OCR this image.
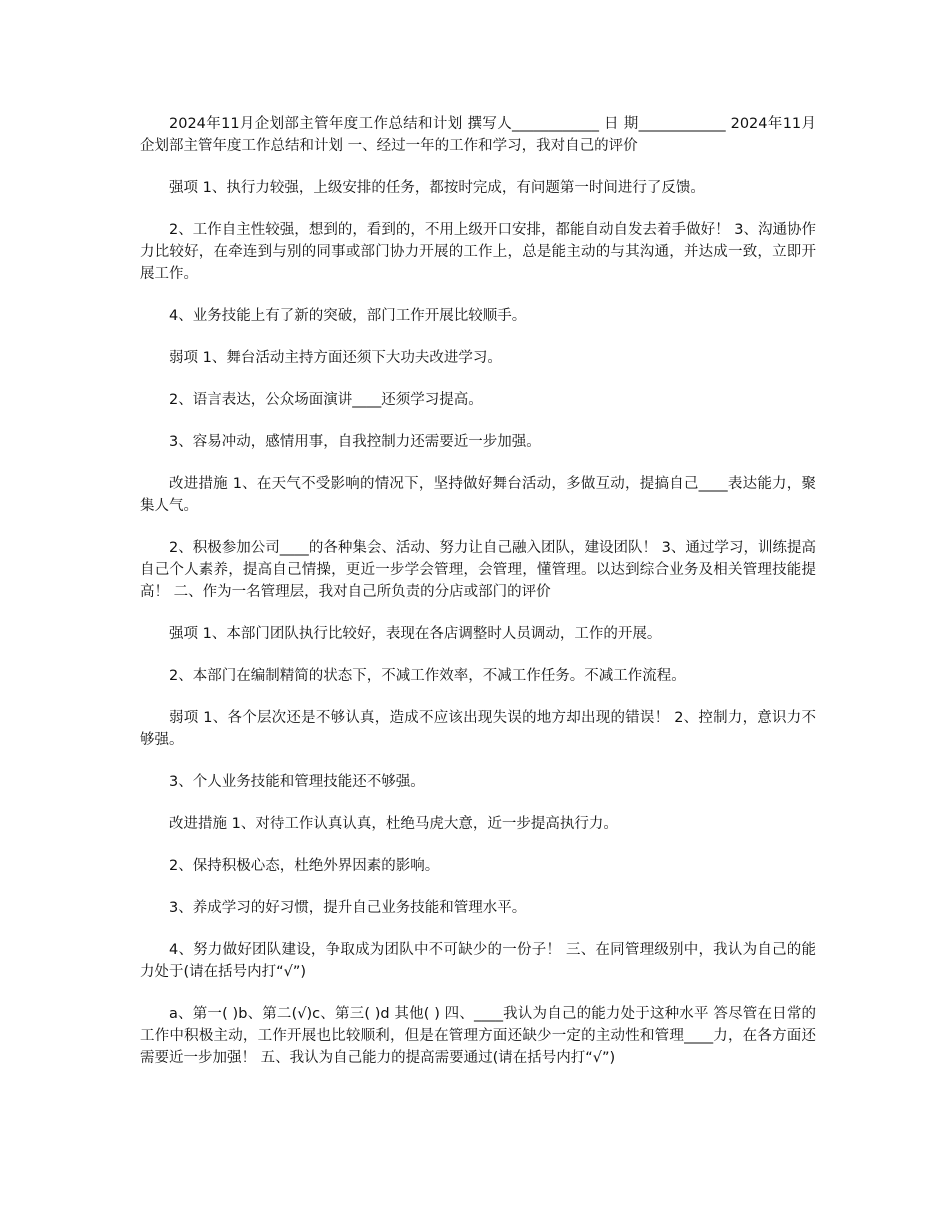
2024年11月企划部主管年度工作总结和计划 撰写人____________ 日 期____________ 2024年11月企划部主管年度工作总结和计划 一、经过一年的工作和学习，我对自己的评价

强项 1、执行力较强，上级安排的任务，都按时完成，有问题第一时间进行了反馈。

2、工作自主性较强，想到的，看到的，不用上级开口安排，都能自动自发去着手做好！ 3、沟通协作力比较好，在牵连到与别的同事或部门协力开展的工作上，总是能主动的与其沟通，并达成一致，立即开展工作。

4、业务技能上有了新的突破，部门工作开展比较顺手。

弱项 1、舞台活动主持方面还须下大功夫改进学习。

2、语言表达，公众场面演讲____还须学习提高。

3、容易冲动，感情用事，自我控制力还需要近一步加强。

改进措施 1、在天气不受影响的情况下，坚持做好舞台活动，多做互动，提搞自己____表达能力，聚集人气。

2、积极参加公司____的各种集会、活动、努力让自己融入团队，建设团队！ 3、通过学习，训练提高自己个人素养，提高自己情操，更近一步学会管理，会管理，懂管理。以达到综合业务及相关管理技能提高！ 二、作为一名管理层，我对自己所负责的分店或部门的评价

强项 1、本部门团队执行比较好，表现在各店调整时人员调动，工作的开展。

2、本部门在编制精简的状态下，不减工作效率，不减工作任务。不减工作流程。

弱项 1、各个层次还是不够认真，造成不应该出现失误的地方却出现的错误！ 2、控制力，意识力不够强。

3、个人业务技能和管理技能还不够强。

改进措施 1、对待工作认真认真，杜绝马虎大意，近一步提高执行力。

2、保持积极心态，杜绝外界因素的影响。

3、养成学习的好习惯，提升自己业务技能和管理水平。

4、努力做好团队建设，争取成为团队中不可缺少的一份子！ 三、在同管理级别中，我认为自己的能力处于(请在括号内打“√”)

a、第一( )b、第二(√)c、第三( )d 其他( ) 四、____我认为自己的能力处于这种水平 答尽管在日常的工作中积极主动，工作开展也比较顺利，但是在管理方面还缺少一定的主动性和管理____力，在各方面还需要近一步加强！ 五、我认为自己能力的提高需要通过(请在括号内打“√”)
